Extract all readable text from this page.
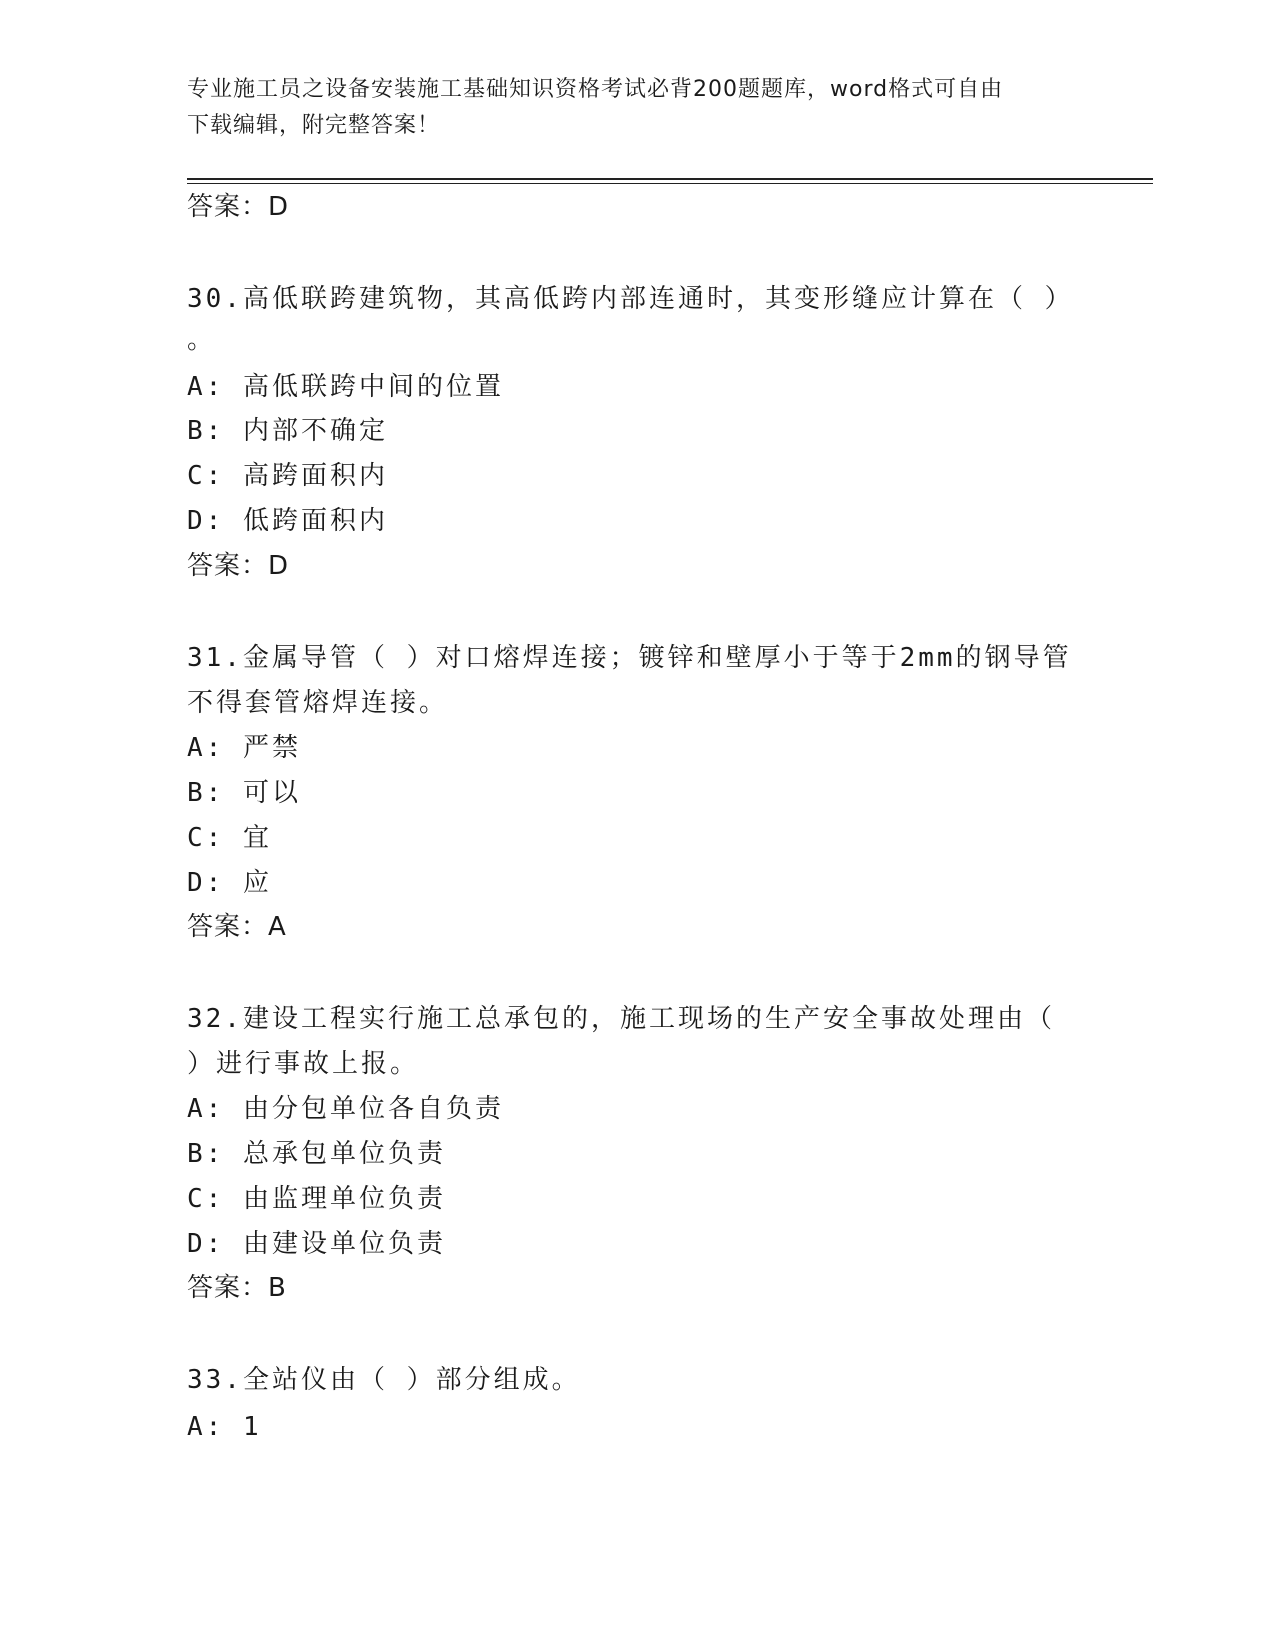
专业施工员之设备安装施工基础知识资格考试必背200题题库，word格式可自由
下载编辑，附完整答案！
答案：D
30.高低联跨建筑物，其高低跨内部连通时，其变形缝应计算在（ ）
。
A: 高低联跨中间的位置
B: 内部不确定
C: 高跨面积内
D: 低跨面积内
答案：D
31.金属导管（ ）对口熔焊连接；镀锌和壁厚小于等于2mm的钢导管
不得套管熔焊连接。
A: 严禁
B: 可以
C: 宜
D: 应
答案：A
32.建设工程实行施工总承包的，施工现场的生产安全事故处理由（
）进行事故上报。
A: 由分包单位各自负责
B: 总承包单位负责
C: 由监理单位负责
D: 由建设单位负责
答案：B
33.全站仪由（ ）部分组成。
A: 1
